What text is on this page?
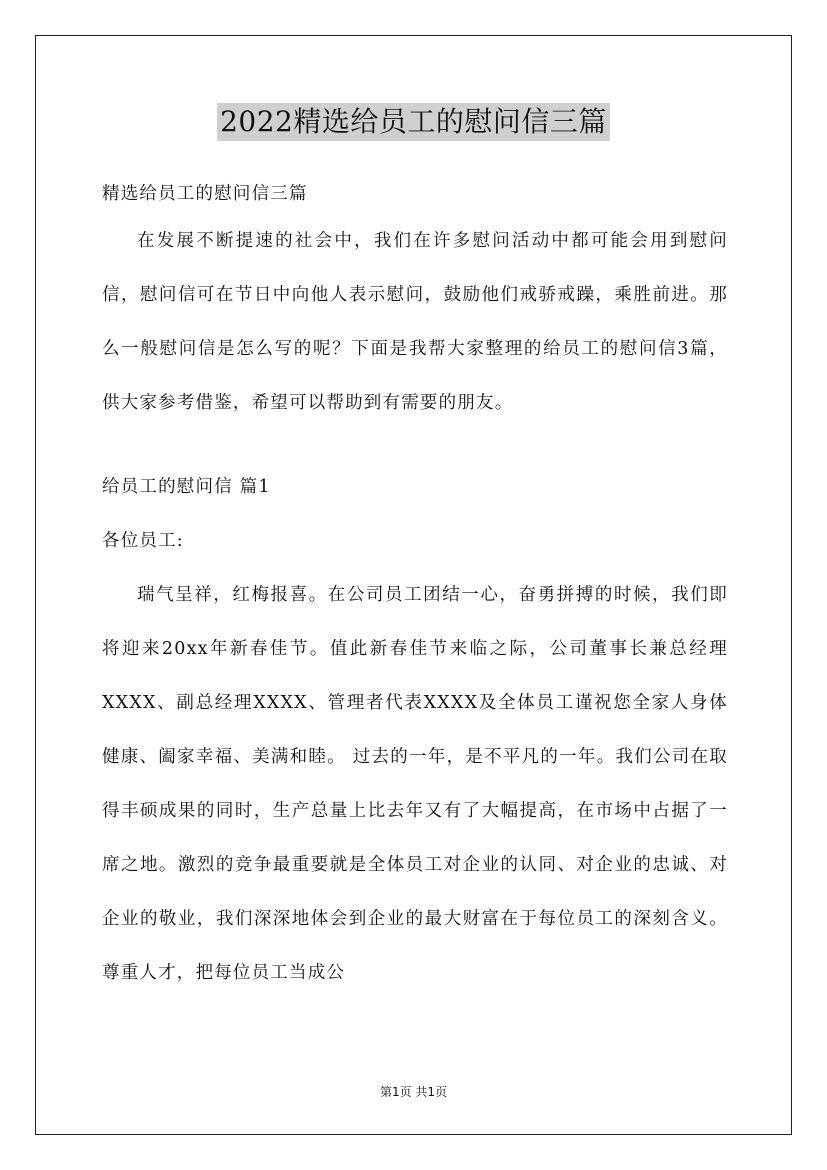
2022精选给员工的慰问信三篇

精选给员工的慰问信三篇

在发展不断提速的社会中，我们在许多慰问活动中都可能会用到慰问信，慰问信可在节日中向他人表示慰问，鼓励他们戒骄戒躁，乘胜前进。那么一般慰问信是怎么写的呢？下面是我帮大家整理的给员工的慰问信3篇，供大家参考借鉴，希望可以帮助到有需要的朋友。

给员工的慰问信 篇1

各位员工:

瑞气呈祥，红梅报喜。在公司员工团结一心，奋勇拼搏的时候，我们即将迎来20xx年新春佳节。值此新春佳节来临之际，公司董事长兼总经理XXXX、副总经理XXXX、管理者代表XXXX及全体员工谨祝您全家人身体健康、阖家幸福、美满和睦。 过去的一年，是不平凡的一年。我们公司在取得丰硕成果的同时，生产总量上比去年又有了大幅提高，在市场中占据了一席之地。激烈的竞争最重要就是全体员工对企业的认同、对企业的忠诚、对企业的敬业，我们深深地体会到企业的最大财富在于每位员工的深刻含义。尊重人才，把每位员工当成公

第1页 共1页
